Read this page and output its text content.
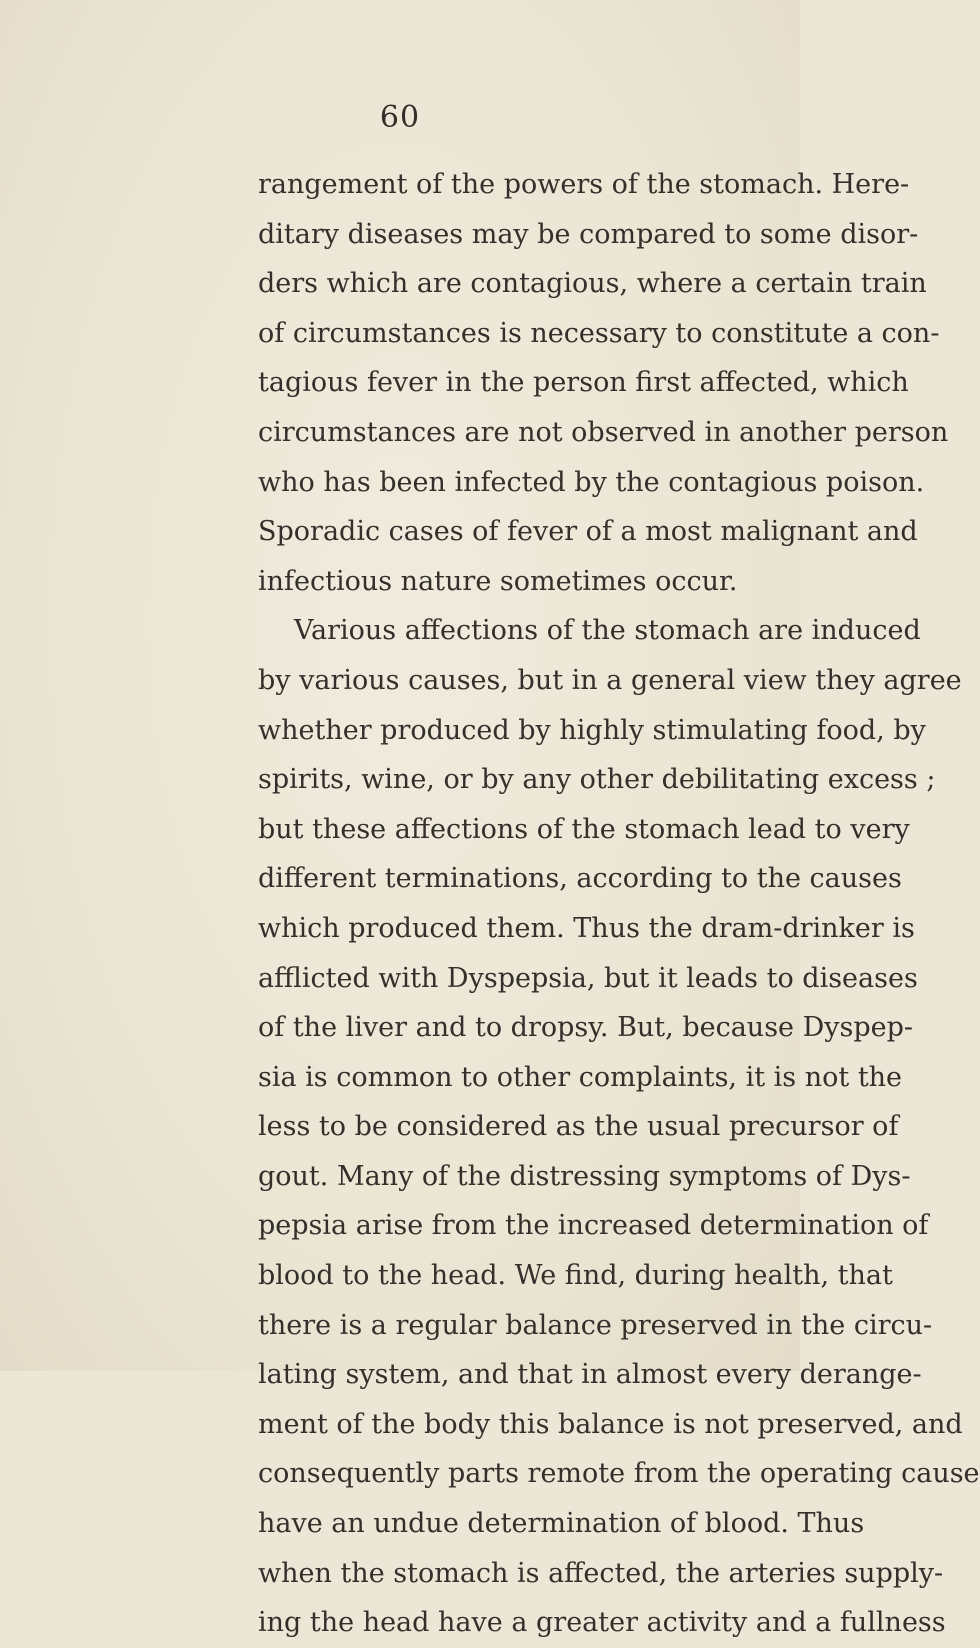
60
rangement of the powers of the stomach. Here-
ditary diseases may be compared to some disor-
ders which are contagious, where a certain train
of circumstances is necessary to constitute a con-
tagious fever in the person first affected, which
circumstances are not observed in another person
who has been infected by the contagious poison.
Sporadic cases of fever of a most malignant and
infectious nature sometimes occur.
Various affections of the stomach are induced
by various causes, but in a general view they agree
whether produced by highly stimulating food, by
spirits, wine, or by any other debilitating excess ;
but these affections of the stomach lead to very
different terminations, according to the causes
which produced them. Thus the dram-drinker is
afflicted with Dyspepsia, but it leads to diseases
of the liver and to dropsy. But, because Dyspep-
sia is common to other complaints, it is not the
less to be considered as the usual precursor of
gout. Many of the distressing symptoms of Dys-
pepsia arise from the increased determination of
blood to the head. We find, during health, that
there is a regular balance preserved in the circu-
lating system, and that in almost every derange-
ment of the body this balance is not preserved, and
consequently parts remote from the operating cause
have an undue determination of blood. Thus
when the stomach is affected, the arteries supply-
ing the head have a greater activity and a fullness
